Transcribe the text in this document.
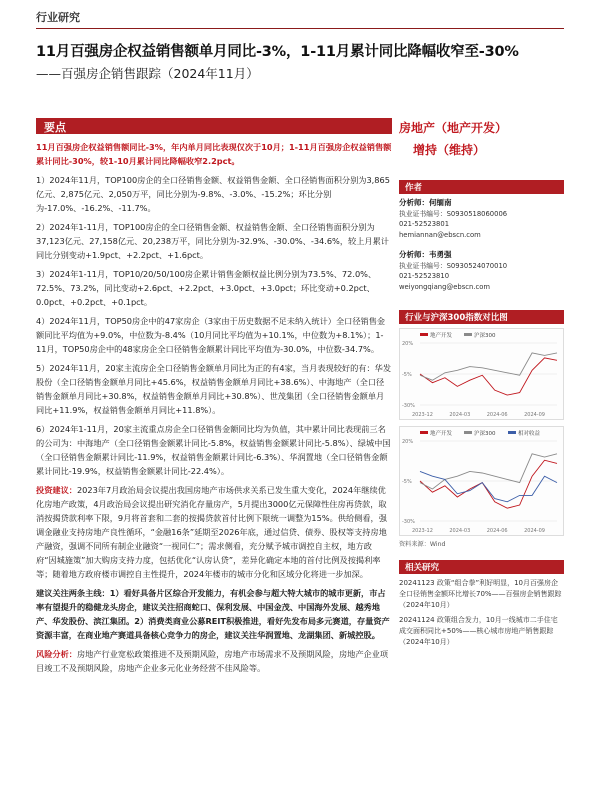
行业研究
11月百强房企权益销售额单月同比-3%，1-11月累计同比降幅收窄至-30%
——百强房企销售跟踪（2024年11月）
要点
11月百强房企权益销售额同比-3%，年内单月同比表现仅次于10月；1-11月百强房企权益销售额累计同比-30%，较1-10月累计同比降幅收窄2.2pct。
1）2024年11月，TOP100房企的全口径销售金额、权益销售金额、全口径销售面积分别为3,865亿元、2,875亿元、2,050万平，同比分别为-9.8%、-3.0%、-15.2%；环比分别为-17.0%、-16.2%、-11.7%。
2）2024年1-11月，TOP100房企的全口径销售金额、权益销售金额、全口径销售面积分别为37,123亿元、27,158亿元、20,238万平，同比分别为-32.9%、-30.0%、-34.6%，较上月累计同比分别变动+1.9pct、+2.2pct、+1.6pct。
3）2024年1-11月，TOP10/20/50/100房企累计销售金额权益比例分别为73.5%、72.0%、72.5%、73.2%，同比变动+2.6pct、+2.2pct、+3.0pct、+3.0pct；环比变动+0.2pct、0.0pct、+0.2pct、+0.1pct。
4）2024年11月，TOP50房企中的47家房企（3家由于历史数据不足未纳入统计）全口径销售金额同比平均值为+9.0%，中位数为-8.4%（10月同比平均值为+10.1%，中位数为+8.1%）；1-11月，TOP50房企中的48家房企全口径销售金额累计同比平均值为-30.0%，中位数-34.7%。
5）2024年11月，20家主流房企全口径销售金额单月同比为正的有4家，当月表现较好的有：华发股份（全口径销售金额单月同比+45.6%，权益销售金额单月同比+38.6%）、中海地产（全口径销售金额单月同比+30.8%，权益销售金额单月同比+30.8%）、世茂集团（全口径销售金额单月同比+11.9%，权益销售金额单月同比+11.8%）。
6）2024年1-11月，20家主流重点房企全口径销售金额同比均为负值，其中累计同比表现前三名的公司为：中海地产（全口径销售金额累计同比-5.8%，权益销售金额累计同比-5.8%）、绿城中国（全口径销售金额累计同比-11.9%，权益销售金额累计同比-6.3%）、华润置地（全口径销售金额累计同比-19.9%，权益销售金额累计同比-22.4%）。
投资建议：2023年7月政治局会议提出我国房地产市场供求关系已发生重大变化，2024年继续优化房地产政策，4月政治局会议提出研究消化存量房产，5月提出3000亿元保障性住房再贷款，取消按揭贷款利率下限，9月将首套和二套的按揭贷款首付比例下限统一调整为15%。供给侧看，强调金融业支持房地产良性循环，“金融16条”延期至2026年底，通过信贷、债券、股权等支持房地产融资，强调不同所有制企业融资“一视同仁”；需求侧看，充分赋予城市调控自主权，地方政府“因城施策”加大购房支持力度，包括优化“认房认贷”，差异化确定本地的首付比例及按揭利率等；随着地方政府楼市调控自主性提升，2024年楼市的城市分化和区域分化将进一步加深。
建议关注两条主线：1）看好具备片区综合开发能力，有机会参与超大特大城市的城市更新，市占率有望提升的稳健龙头房企，建议关注招商蛇口、保利发展、中国金茂、中国海外发展、越秀地产、华发股份、滨江集团。2）消费类商业公募REIT积极推进，看好先发布局多元赛道，存量资产资源丰富，在商业地产赛道具备核心竞争力的房企，建议关注华润置地、龙湖集团、新城控股。
风险分析：房地产行业宽松政策推进不及预期风险，房地产市场需求不及预期风险，房地产企业项目竣工不及预期风险，房地产企业多元化业务经营不佳风险等。
房地产（地产开发）
增持（维持）
作者
分析师：何缅南
执业证书编号：S0930518060006
021-52523801
hemiannan@ebscn.com
分析师：韦勇强
执业证书编号：S0930524070010
021-52523810
weiyongqiang@ebscn.com
行业与沪深300指数对比图
-30%
-5%
20%
2023-12	2024-03	2024-06	2024-09
地产开发	沪深300
-30%
-5%
20%
2023-12	2024-03	2024-06	2024-09
地产开发	沪深300	相对收益
资料来源：Wind
相关研究
20241123 政策“组合拳”利好明显，10月百强房企全口径销售金额环比增长70%——百强房企销售跟踪（2024年10月）
20241124 政策组合发力，10月一线城市二手住宅成交面积同比+50%——核心城市房地产销售跟踪（2024年10月）
